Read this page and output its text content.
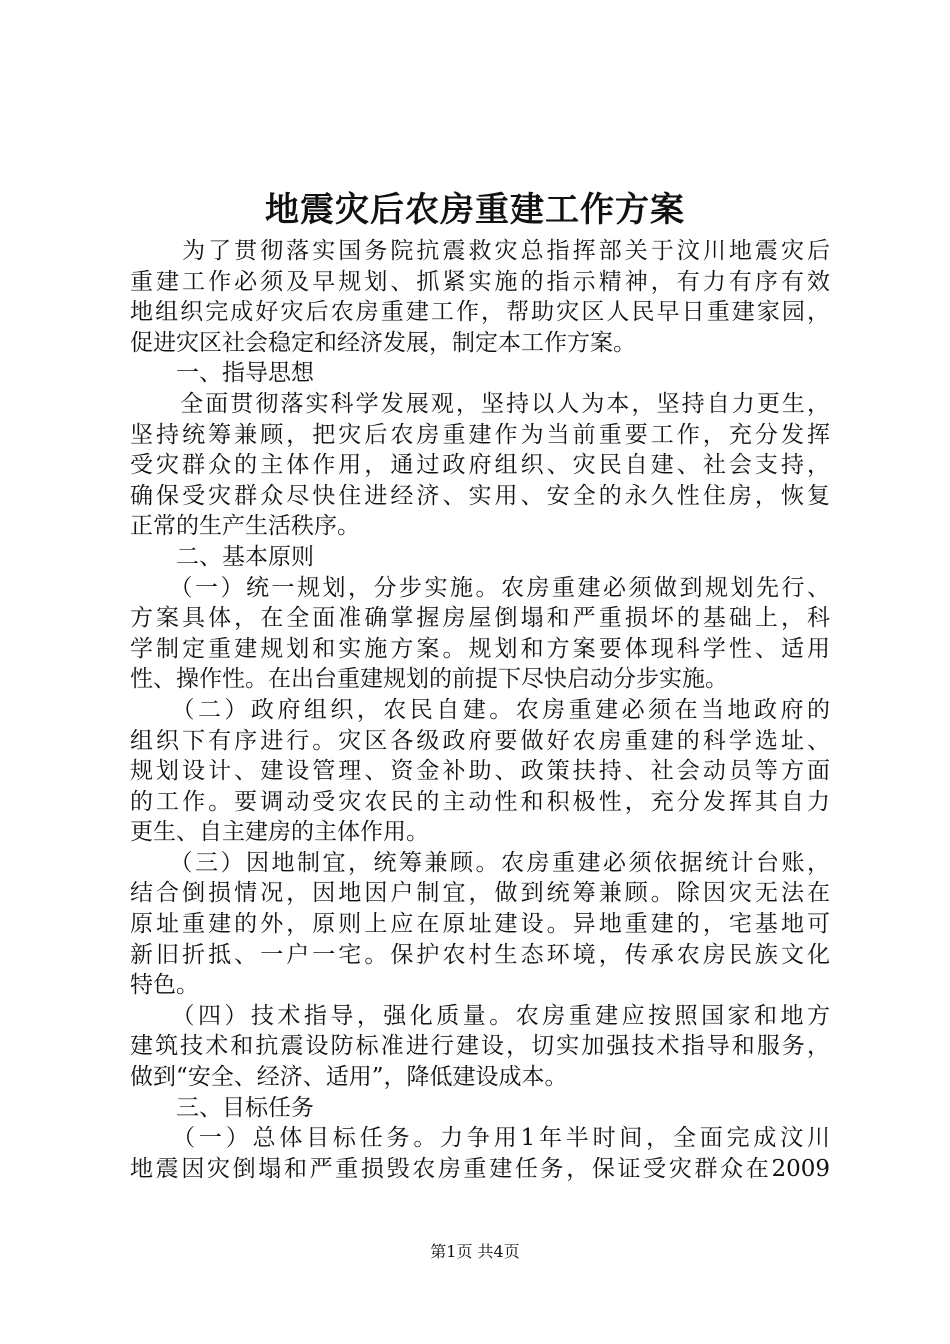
地震灾后农房重建工作方案
　　为了贯彻落实国务院抗震救灾总指挥部关于汶川地震灾后
重建工作必须及早规划、抓紧实施的指示精神，有力有序有效
地组织完成好灾后农房重建工作，帮助灾区人民早日重建家园，
促进灾区社会稳定和经济发展，制定本工作方案。
　　一、指导思想
　　全面贯彻落实科学发展观，坚持以人为本，坚持自力更生，
坚持统筹兼顾，把灾后农房重建作为当前重要工作，充分发挥
受灾群众的主体作用，通过政府组织、灾民自建、社会支持，
确保受灾群众尽快住进经济、实用、安全的永久性住房，恢复
正常的生产生活秩序。
　　二、基本原则
　　（一）统一规划，分步实施。农房重建必须做到规划先行、
方案具体，在全面准确掌握房屋倒塌和严重损坏的基础上，科
学制定重建规划和实施方案。规划和方案要体现科学性、适用
性、操作性。在出台重建规划的前提下尽快启动分步实施。
　　（二）政府组织，农民自建。农房重建必须在当地政府的
组织下有序进行。灾区各级政府要做好农房重建的科学选址、
规划设计、建设管理、资金补助、政策扶持、社会动员等方面
的工作。要调动受灾农民的主动性和积极性，充分发挥其自力
更生、自主建房的主体作用。
　　（三）因地制宜，统筹兼顾。农房重建必须依据统计台账，
结合倒损情况，因地因户制宜，做到统筹兼顾。除因灾无法在
原址重建的外，原则上应在原址建设。异地重建的，宅基地可
新旧折抵、一户一宅。保护农村生态环境，传承农房民族文化
特色。
　　（四）技术指导，强化质量。农房重建应按照国家和地方
建筑技术和抗震设防标准进行建设，切实加强技术指导和服务，
做到“安全、经济、适用”，降低建设成本。
　　三、目标任务
　　（一）总体目标任务。力争用1年半时间，全面完成汶川
地震因灾倒塌和严重损毁农房重建任务，保证受灾群众在2009
第1页 共4页
